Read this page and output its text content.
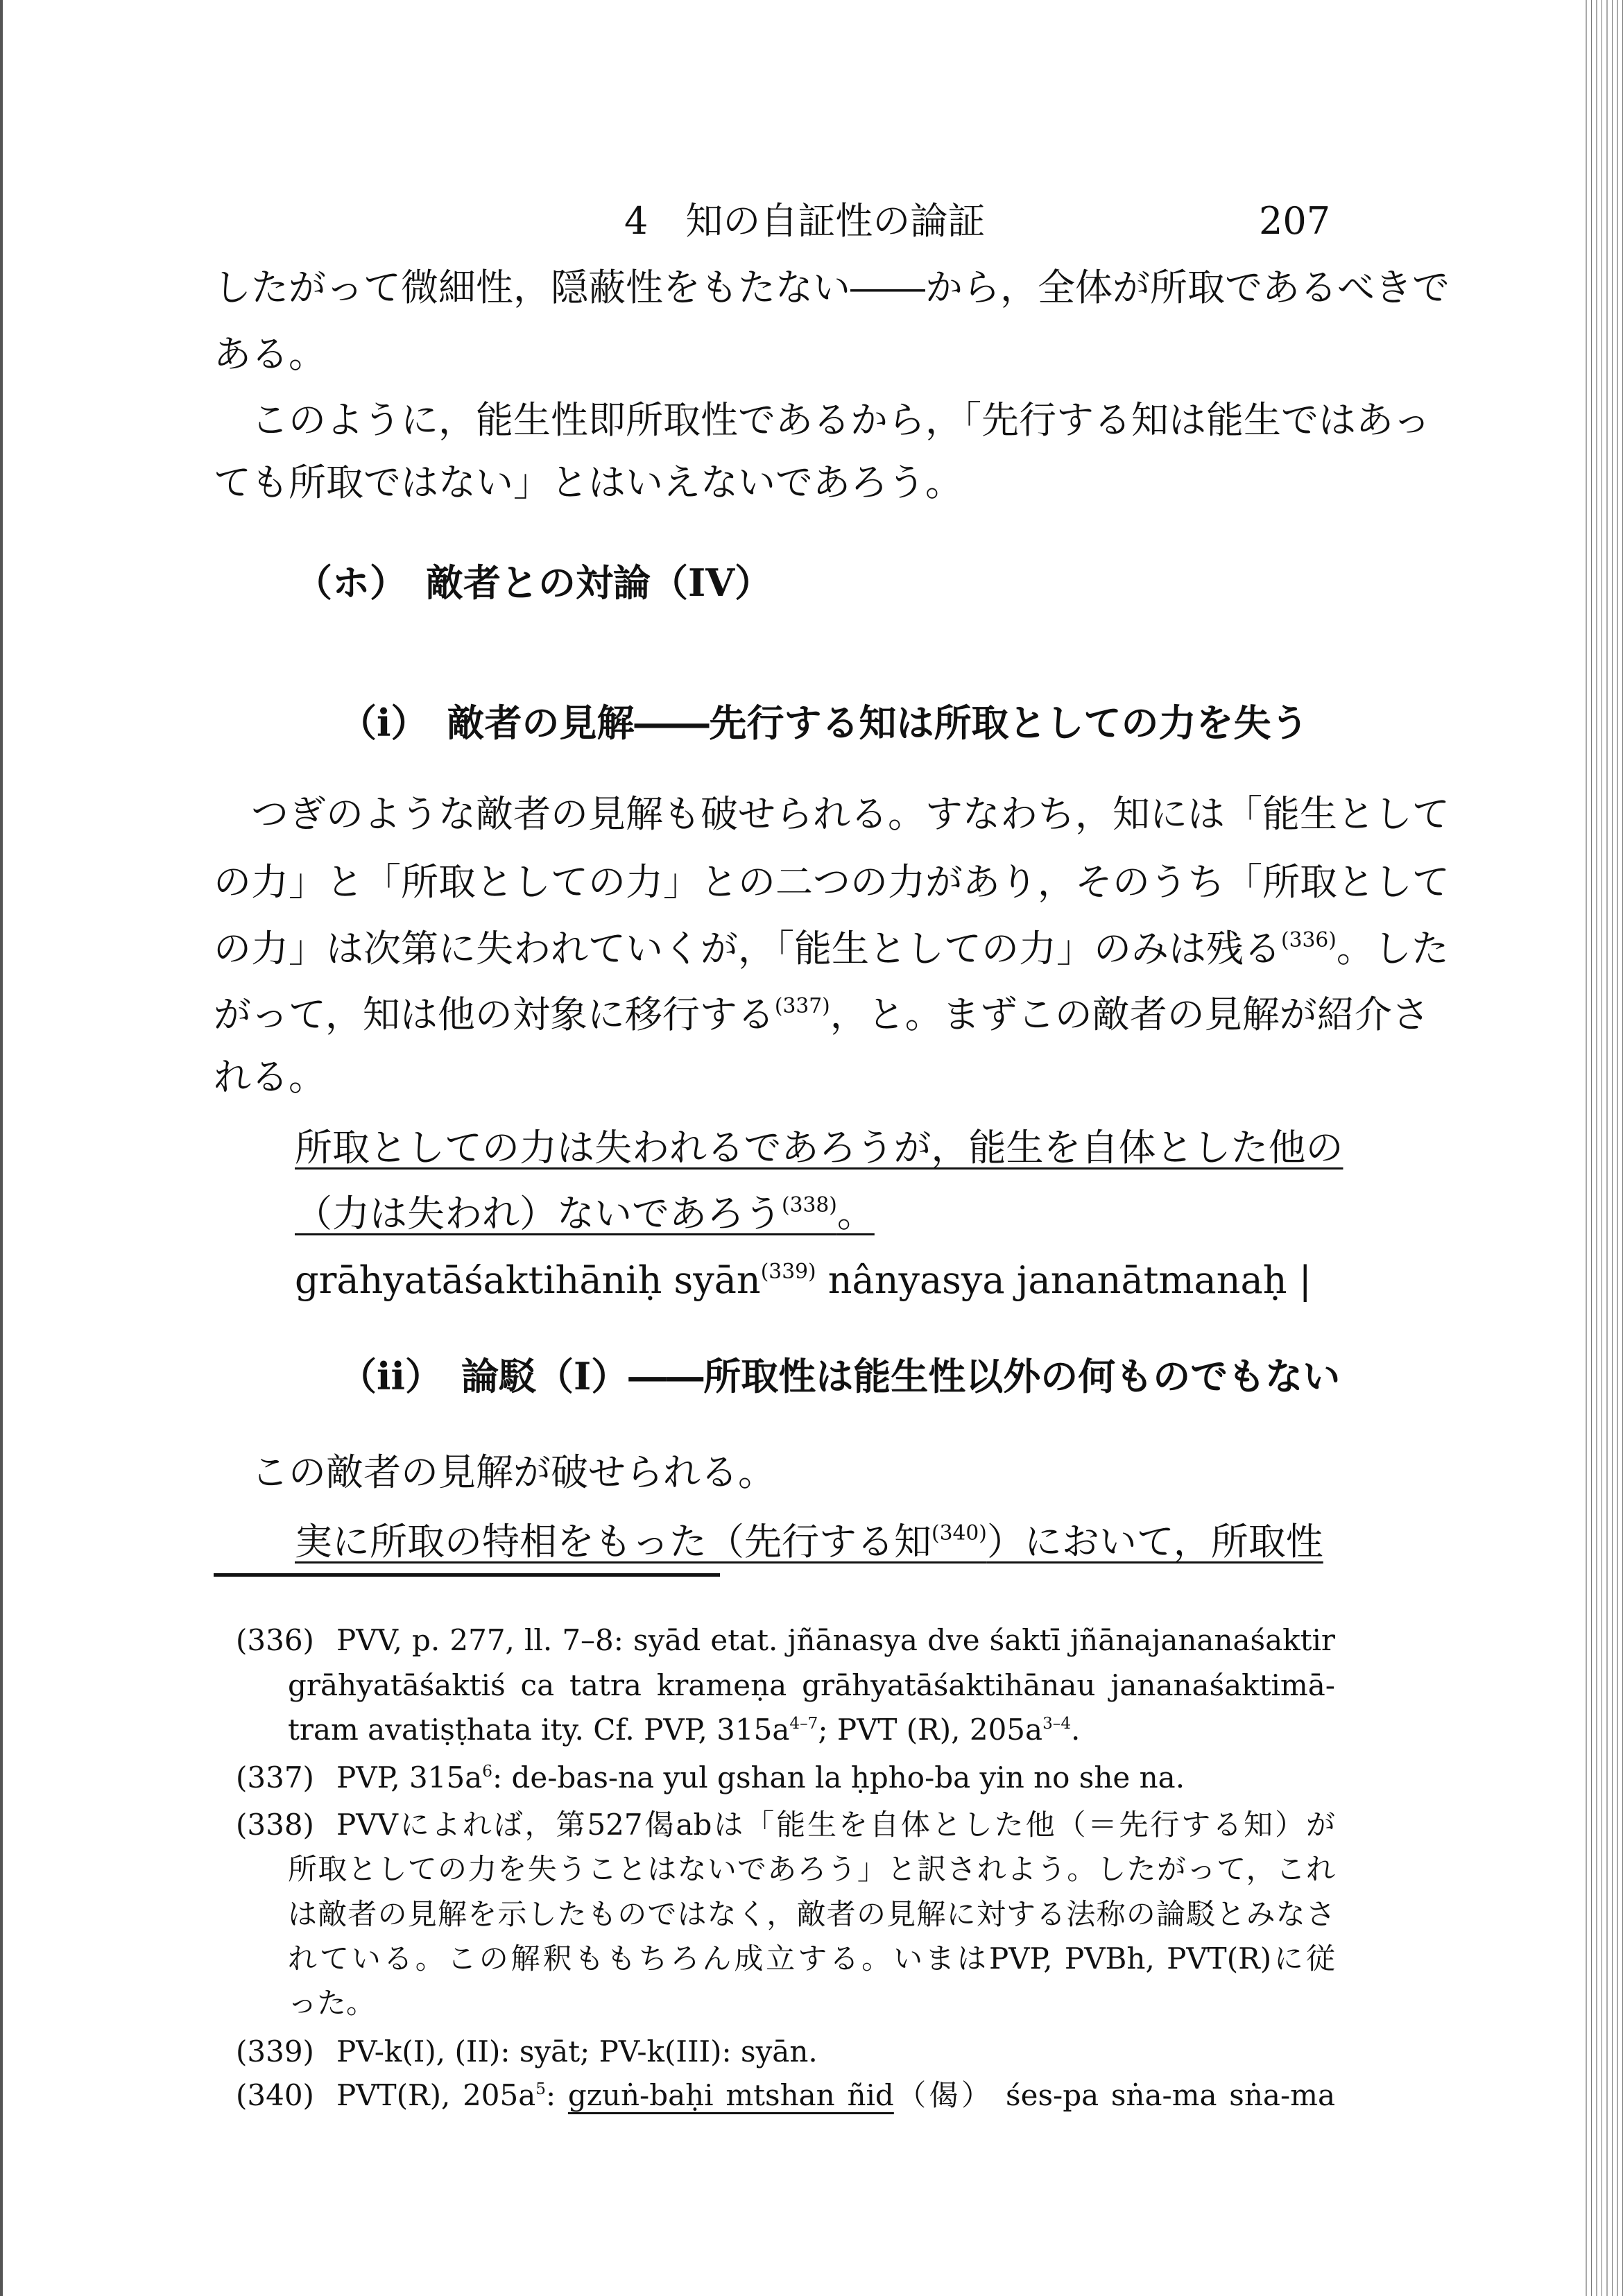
4　知の自証性の論証	207
したがって微細性，隠蔽性をもたない――から，全体が所取であるべきで
ある。
　このように，能生性即所取性であるから，「先行する知は能生ではあっ
ても所取ではない」とはいえないであろう。
（ホ）　敵者との対論（IV）
（i）　敵者の見解――先行する知は所取としての力を失う
　つぎのような敵者の見解も破せられる。すなわち，知には「能生として
の力」と「所取としての力」との二つの力があり，そのうち「所取として
の力」は次第に失われていくが，「能生としての力」のみは残る$^{(336)}$。した
がって，知は他の対象に移行する$^{(337)}$，と。まずこの敵者の見解が紹介さ
れる。
所取としての力は失われるであろうが，能生を自体とした他の
（力は失われ）ないであろう$^{(338)}$。
grāhyatāśaktihāniḥ syān$^{(339)}$ nânyasya jananātmanaḥ |
（ii）　論駁（I）――所取性は能生性以外の何ものでもない
　この敵者の見解が破せられる。
実に所取の特相をもった（先行する知$^{(340)}$）において，所取性
(336) PVV, p. 277, ll. 7–8: syād etat. jñānasya dve śaktī jñānajananaśaktir
grāhyatāśaktiś ca tatra krameṇa grāhyatāśaktihānau jananaśaktimā-
tram avatiṣṭhata ity. Cf. PVP, $315a^{4-7}$; PVT (R), $205a^{3-4}$.
(337) PVP, $315a^6$: de-bas-na yul gshan la ḥpho-ba yin no she na.
(338) PVVによれば，第527偈abは「能生を自体とした他（＝先行する知）が
所取としての力を失うことはないであろう」と訳されよう。したがって，これ
は敵者の見解を示したものではなく，敵者の見解に対する法称の論駁とみなさ
れている。この解釈ももちろん成立する。いまはPVP, PVBh, PVT(R)に従
った。
(339) PV-k(I), (II): syāt; PV-k(III): syān.
(340) PVT(R), $205a^5$: gzuṅ-baḥi mtshan ñid（偈） śes-pa sṅa-ma sṅa-ma
